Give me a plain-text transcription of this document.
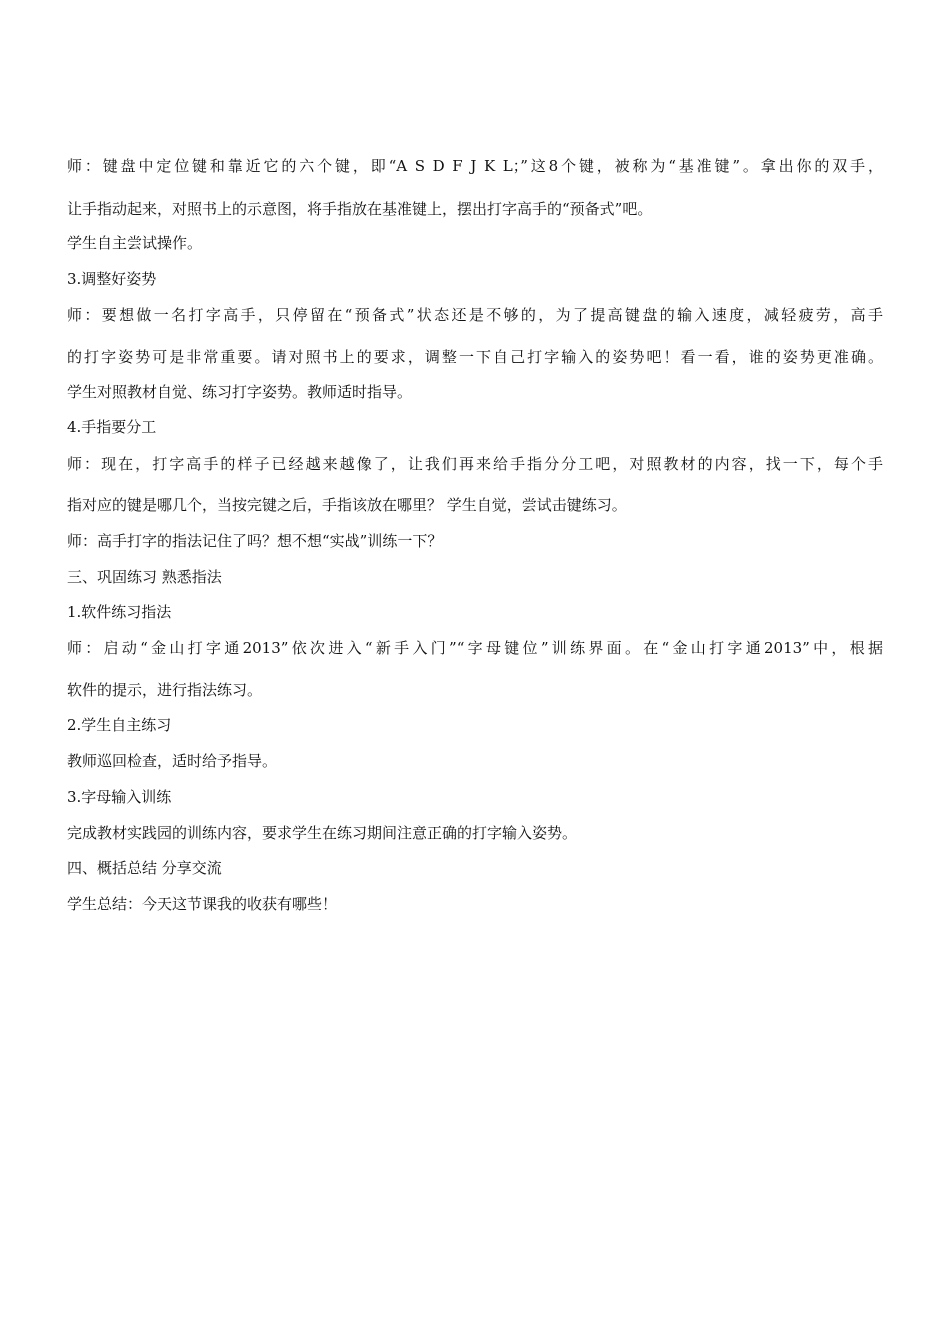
师：键盘中定位键和靠近它的六个键，即“A S D F J K L；”这8个键，被称为“基准键”。拿出你的双手，
让手指动起来，对照书上的示意图，将手指放在基准键上，摆出打字高手的“预备式”吧。
学生自主尝试操作。
3.调整好姿势
师：要想做一名打字高手，只停留在“预备式”状态还是不够的，为了提高键盘的输入速度，减轻疲劳，高手
的打字姿势可是非常重要。请对照书上的要求，调整一下自己打字输入的姿势吧！看一看，谁的姿势更准确。
学生对照教材自觉、练习打字姿势。教师适时指导。
4.手指要分工
师：现在，打字高手的样子已经越来越像了，让我们再来给手指分分工吧，对照教材的内容，找一下，每个手
指对应的键是哪几个，当按完键之后，手指该放在哪里？ 学生自觉，尝试击键练习。
师：高手打字的指法记住了吗？想不想“实战”训练一下？
三、巩固练习 熟悉指法
1.软件练习指法
师：启动“金山打字通2013”依次进入“新手入门”“字母键位”训练界面。在“金山打字通2013”中，根据
软件的提示，进行指法练习。
2.学生自主练习
教师巡回检查，适时给予指导。
3.字母输入训练
完成教材实践园的训练内容，要求学生在练习期间注意正确的打字输入姿势。
四、概括总结 分享交流
学生总结：今天这节课我的收获有哪些！
